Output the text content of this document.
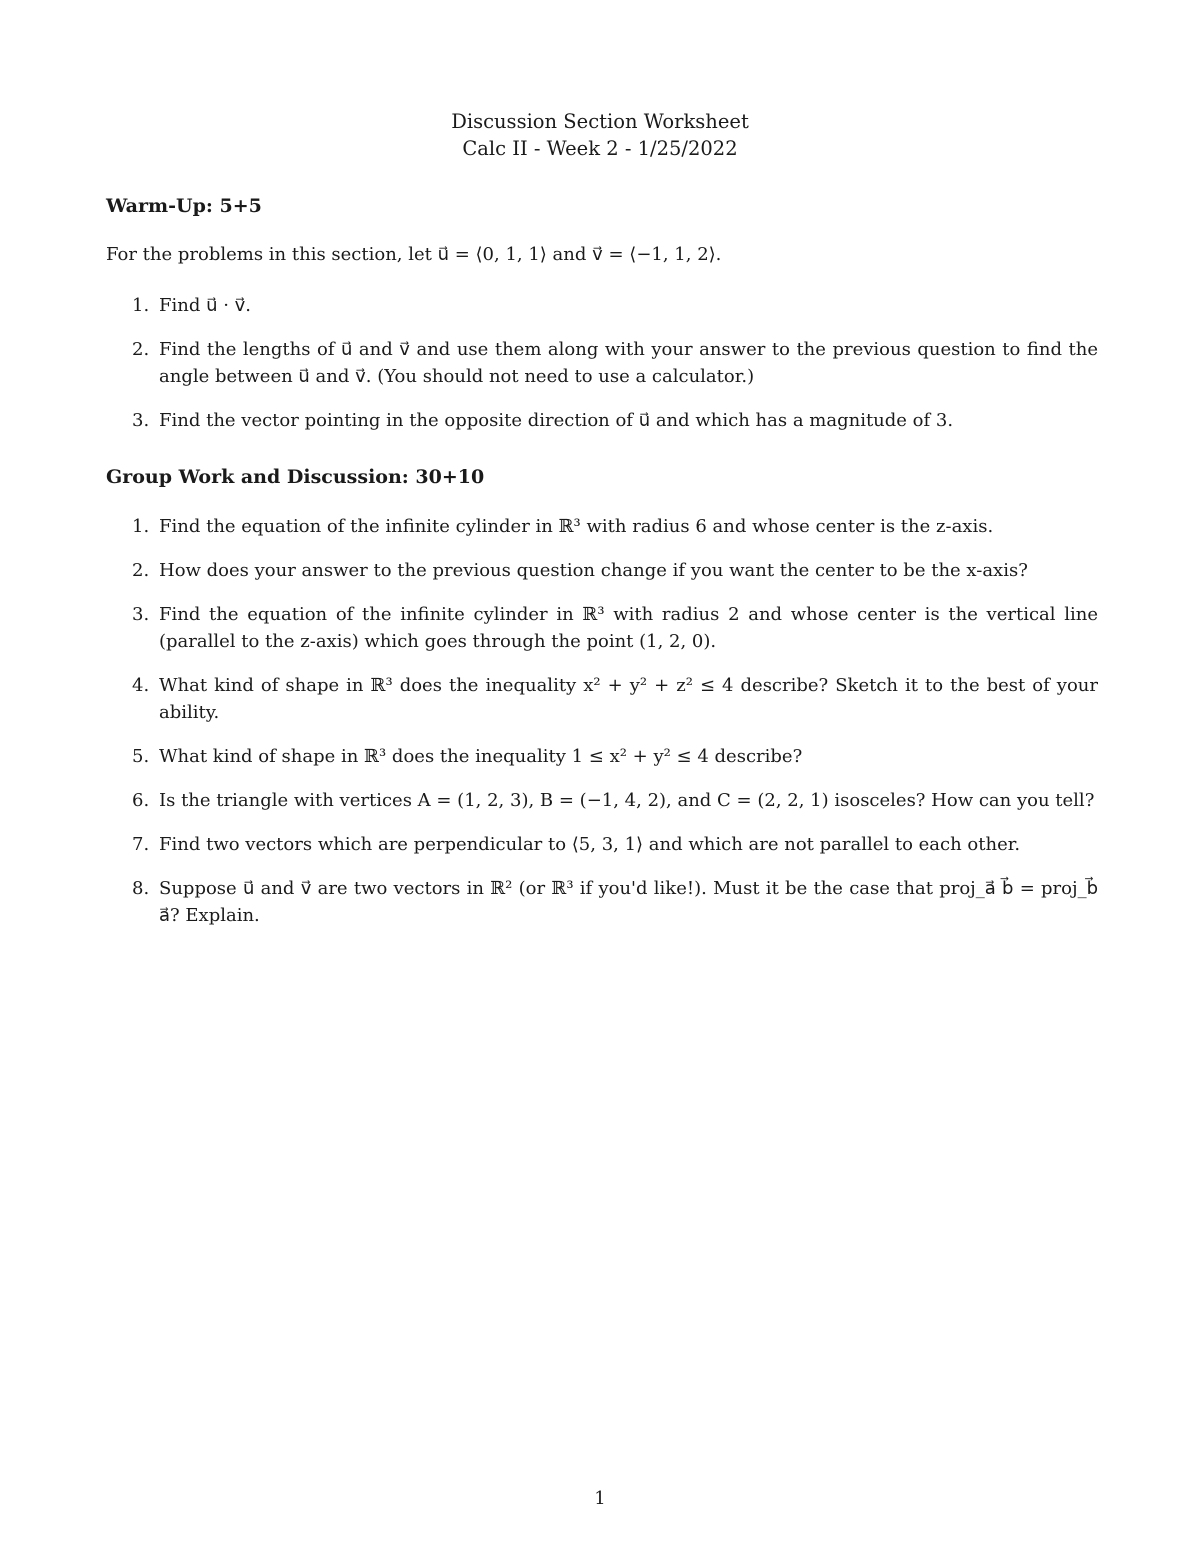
Discussion Section Worksheet
Calc II - Week 2 - 1/25/2022
Warm-Up: 5+5
For the problems in this section, let u⃗ = ⟨0, 1, 1⟩ and v⃗ = ⟨−1, 1, 2⟩.
1. Find u⃗ · v⃗.
2. Find the lengths of u⃗ and v⃗ and use them along with your answer to the previous question to find the angle between u⃗ and v⃗. (You should not need to use a calculator.)
3. Find the vector pointing in the opposite direction of u⃗ and which has a magnitude of 3.
Group Work and Discussion: 30+10
1. Find the equation of the infinite cylinder in ℝ³ with radius 6 and whose center is the z-axis.
2. How does your answer to the previous question change if you want the center to be the x-axis?
3. Find the equation of the infinite cylinder in ℝ³ with radius 2 and whose center is the vertical line (parallel to the z-axis) which goes through the point (1, 2, 0).
4. What kind of shape in ℝ³ does the inequality x² + y² + z² ≤ 4 describe? Sketch it to the best of your ability.
5. What kind of shape in ℝ³ does the inequality 1 ≤ x² + y² ≤ 4 describe?
6. Is the triangle with vertices A = (1, 2, 3), B = (−1, 4, 2), and C = (2, 2, 1) isosceles? How can you tell?
7. Find two vectors which are perpendicular to ⟨5, 3, 1⟩ and which are not parallel to each other.
8. Suppose u⃗ and v⃗ are two vectors in ℝ² (or ℝ³ if you'd like!). Must it be the case that proj_a⃗ b⃗ = proj_b⃗ a⃗? Explain.
1
